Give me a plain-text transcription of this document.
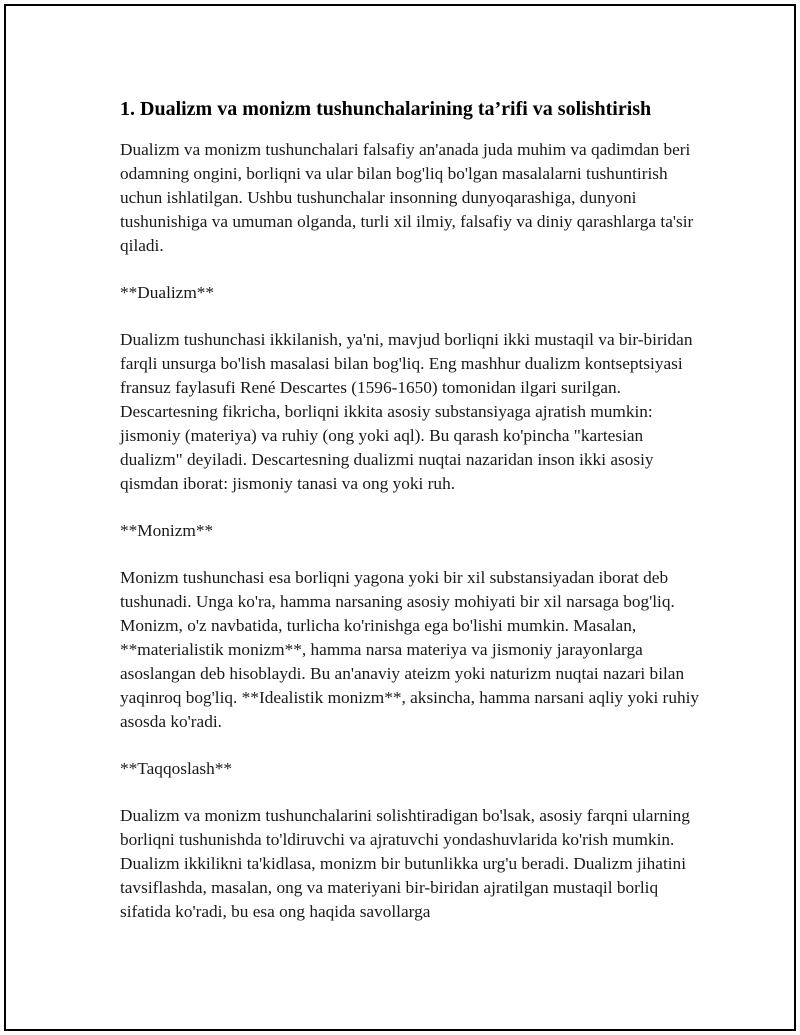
1. Dualizm va monizm tushunchalarining ta’rifi va solishtirish

Dualizm va monizm tushunchalari falsafiy an'anada juda muhim va qadimdan beri odamning ongini, borliqni va ular bilan bog'liq bo'lgan masalalarni tushuntirish uchun ishlatilgan. Ushbu tushunchalar insonning dunyoqarashiga, dunyoni tushunishiga va umuman olganda, turli xil ilmiy, falsafiy va diniy qarashlarga ta'sir qiladi.

**Dualizm**

Dualizm tushunchasi ikkilanish, ya'ni, mavjud borliqni ikki mustaqil va bir-biridan farqli unsurga bo'lish masalasi bilan bog'liq. Eng mashhur dualizm kontseptsiyasi fransuz faylasufi René Descartes (1596-1650) tomonidan ilgari surilgan. Descartesning fikricha, borliqni ikkita asosiy substansiyaga ajratish mumkin: jismoniy (materiya) va ruhiy (ong yoki aql). Bu qarash ko'pincha "kartesian dualizm" deyiladi. Descartesning dualizmi nuqtai nazaridan inson ikki asosiy qismdan iborat: jismoniy tanasi va ong yoki ruh.

**Monizm**

Monizm tushunchasi esa borliqni yagona yoki bir xil substansiyadan iborat deb tushunadi. Unga ko'ra, hamma narsaning asosiy mohiyati bir xil narsaga bog'liq. Monizm, o'z navbatida, turlicha ko'rinishga ega bo'lishi mumkin. Masalan, **materialistik monizm**, hamma narsa materiya va jismoniy jarayonlarga asoslangan deb hisoblaydi. Bu an'anaviy ateizm yoki naturizm nuqtai nazari bilan yaqinroq bog'liq. **Idealistik monizm**, aksincha, hamma narsani aqliy yoki ruhiy asosda ko'radi.

**Taqqoslash**

Dualizm va monizm tushunchalarini solishtiradigan bo'lsak, asosiy farqni ularning borliqni tushunishda to'ldiruvchi va ajratuvchi yondashuvlarida ko'rish mumkin. Dualizm ikkilikni ta'kidlasa, monizm bir butunlikka urg'u beradi. Dualizm jihatini tavsiflashda, masalan, ong va materiyani bir-biridan ajratilgan mustaqil borliq sifatida ko'radi, bu esa ong haqida savollarga
